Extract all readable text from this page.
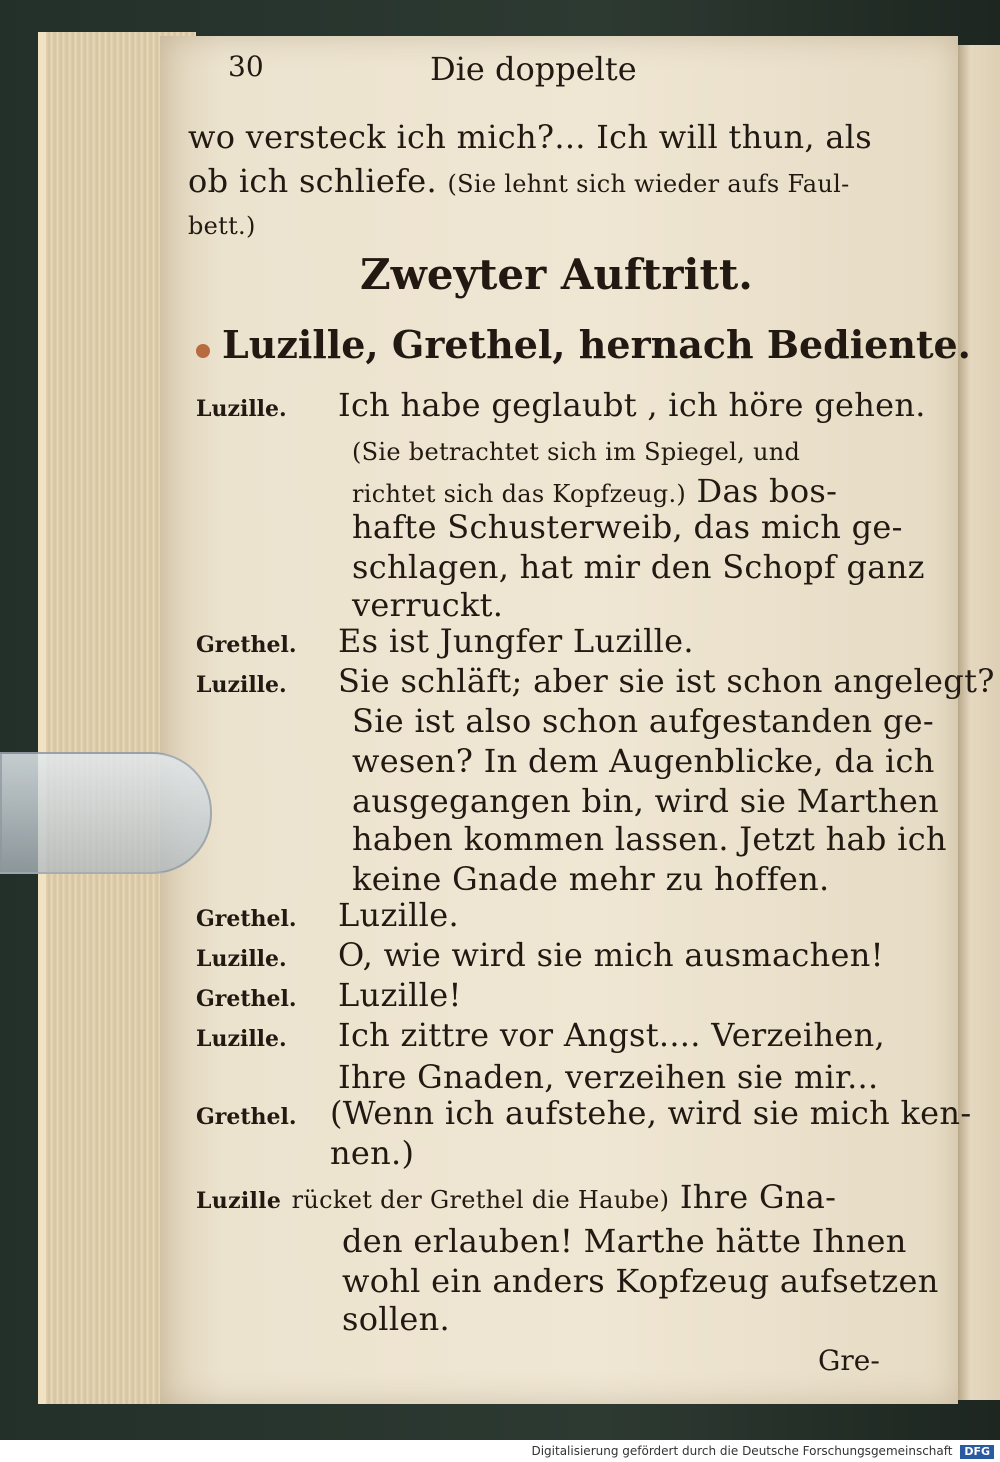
30	Die doppelte
wo versteck ich mich?... Ich will thun, als
ob ich schliefe. (Sie lehnt sich wieder aufs Faul-
bett.)
Zweyter Auftritt.
Luzille, Grethel, hernach Bediente.
Luzille. Ich habe geglaubt , ich höre gehen.
(Sie betrachtet sich im Spiegel, und
richtet sich das Kopfzeug.) Das bos-
hafte Schusterweib, das mich ge-
schlagen, hat mir den Schopf ganz
verruckt.
Grethel. Es ist Jungfer Luzille.
Luzille. Sie schläft; aber sie ist schon angelegt?
Sie ist also schon aufgestanden ge-
wesen? In dem Augenblicke, da ich
ausgegangen bin, wird sie Marthen
haben kommen lassen. Jetzt hab ich
keine Gnade mehr zu hoffen.
Grethel. Luzille.
Luzille. O, wie wird sie mich ausmachen!
Grethel. Luzille!
Luzille. Ich zittre vor Angst.... Verzeihen,
Ihre Gnaden, verzeihen sie mir...
Grethel. (Wenn ich aufstehe, wird sie mich ken-
nen.)
Luzille rücket der Grethel die Haube) Ihre Gna-
den erlauben! Marthe hätte Ihnen
wohl ein anders Kopfzeug aufsetzen
sollen.
Gre-
Digitalisierung gefördert durch die Deutsche Forschungsgemeinschaft DFG
